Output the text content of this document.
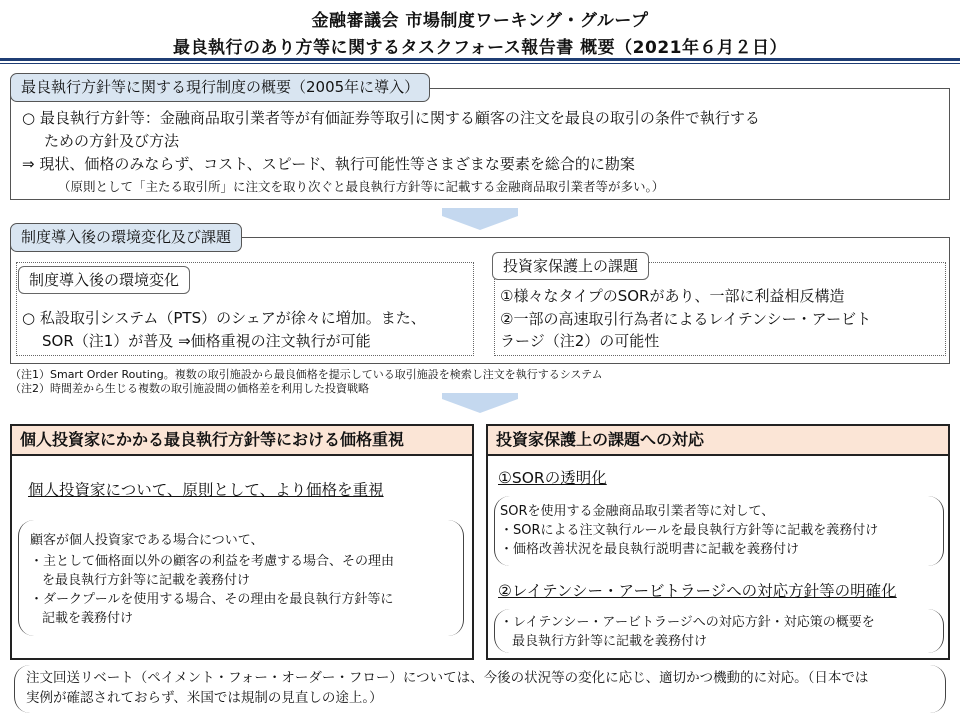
金融審議会 市場制度ワーキング・グループ
最良執行のあり方等に関するタスクフォース報告書 概要（2021年６月２日）
最良執行方針等に関する現行制度の概要（2005年に導入）
○ 最良執行方針等：金融商品取引業者等が有価証券等取引に関する顧客の注文を最良の取引の条件で執行する
ための方針及び方法
⇒ 現状、価格のみならず、コスト、スピード、執行可能性等さまざまな要素を総合的に勘案
（原則として「主たる取引所」に注文を取り次ぐと最良執行方針等に記載する金融商品取引業者等が多い。）
制度導入後の環境変化及び課題
制度導入後の環境変化
○ 私設取引システム（PTS）のシェアが徐々に増加。また、
SOR（注1）が普及 ⇒価格重視の注文執行が可能
投資家保護上の課題
①様々なタイプのSORがあり、一部に利益相反構造
②一部の高速取引行為者によるレイテンシー・アービト
ラージ（注2）の可能性
（注1）Smart Order Routing。複数の取引施設から最良価格を提示している取引施設を検索し注文を執行するシステム
（注2）時間差から生じる複数の取引施設間の価格差を利用した投資戦略
個人投資家にかかる最良執行方針等における価格重視
個人投資家について、原則として、より価格を重視
顧客が個人投資家である場合について、
・主として価格面以外の顧客の利益を考慮する場合、その理由
を最良執行方針等に記載を義務付け
・ダークプールを使用する場合、その理由を最良執行方針等に
記載を義務付け
投資家保護上の課題への対応
①SORの透明化
SORを使用する金融商品取引業者等に対して、
・SORによる注文執行ルールを最良執行方針等に記載を義務付け
・価格改善状況を最良執行説明書に記載を義務付け
②レイテンシー・アービトラージへの対応方針等の明確化
・レイテンシー・アービトラージへの対応方針・対応策の概要を
最良執行方針等に記載を義務付け
注文回送リベート（ペイメント・フォー・オーダー・フロー）については、今後の状況等の変化に応じ、適切かつ機動的に対応。（日本では
実例が確認されておらず、米国では規制の見直しの途上。）
